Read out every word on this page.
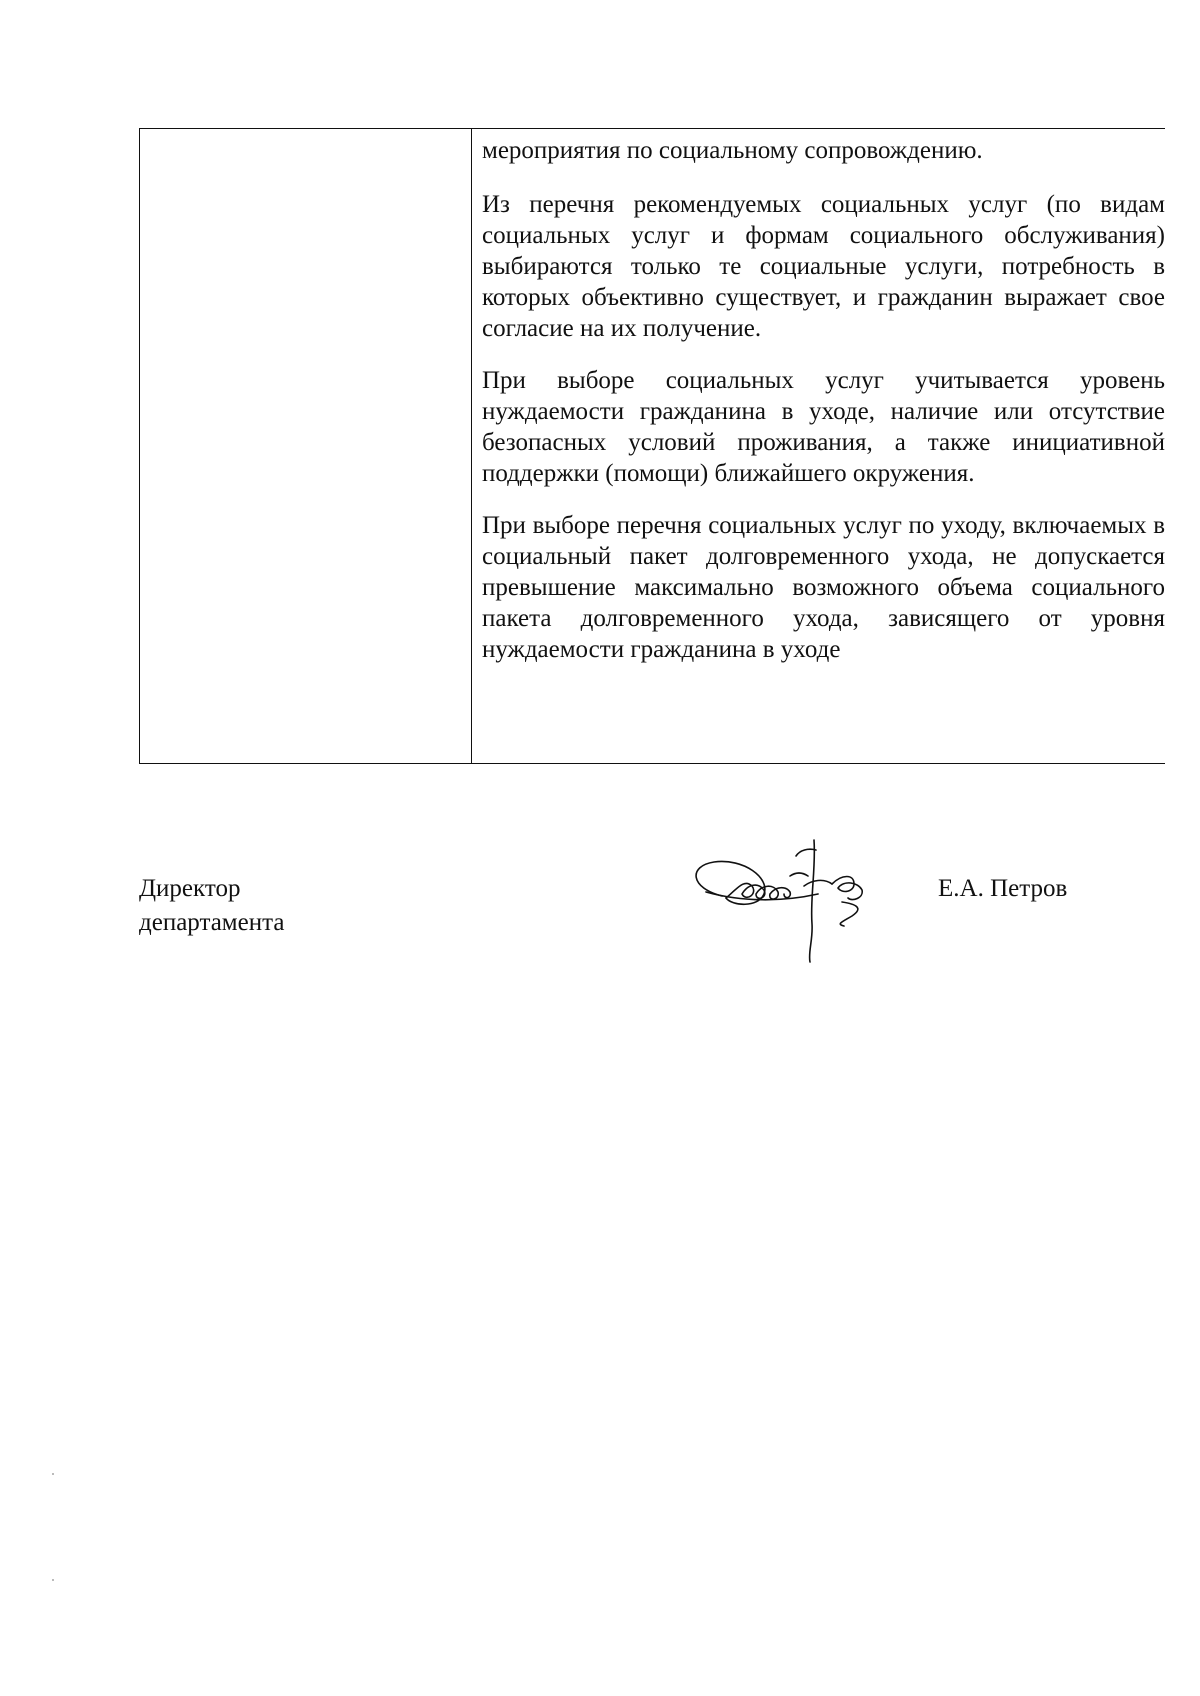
мероприятия по социальному сопровождению.

Из перечня рекомендуемых социальных услуг (по видам социальных услуг и формам социального обслуживания) выбираются только те социальные услуги, потребность в которых объективно существует, и гражданин выражает свое согласие на их получение.

При выборе социальных услуг учитывается уровень нуждаемости гражданина в уходе, наличие или отсутствие безопасных условий проживания, а также инициативной поддержки (помощи) ближайшего окружения.

При выборе перечня социальных услуг по уходу, включаемых в социальный пакет долговременного ухода, не допускается превышение максимально возможного объема социального пакета долговременного ухода, зависящего от уровня нуждаемости гражданина в уходе

Директор
департамента
Е.А. Петров
